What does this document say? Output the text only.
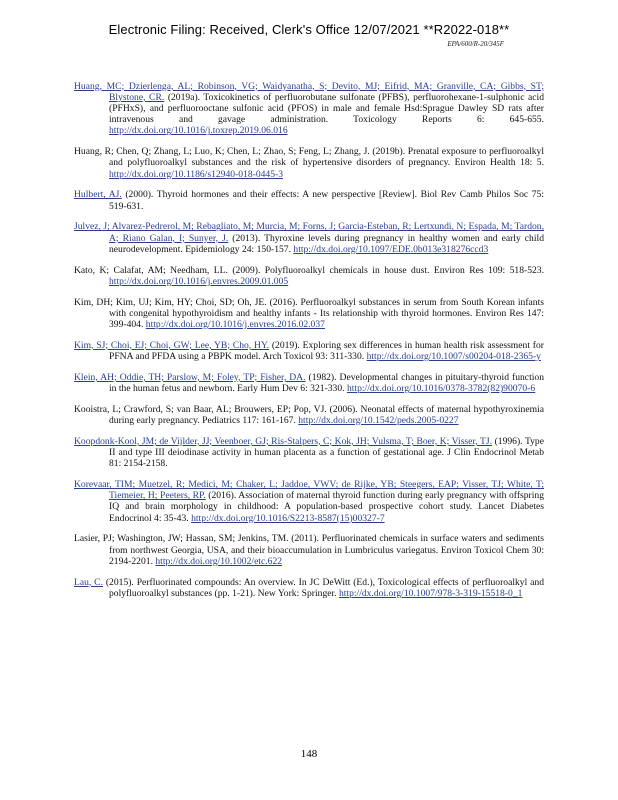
Electronic Filing: Received, Clerk's Office 12/07/2021 **R2022-018**
EPA/600/R-20/345F

Huang, MC; Dzierlenga, AL; Robinson, VG; Waidyanatha, S; Devito, MJ; Eifrid, MA; Granville, CA; Gibbs, ST; Blystone, CR. (2019a). Toxicokinetics of perfluorobutane sulfonate (PFBS), perfluorohexane-1-sulphonic acid (PFHxS), and perfluorooctane sulfonic acid (PFOS) in male and female Hsd:Sprague Dawley SD rats after intravenous and gavage administration. Toxicology Reports 6: 645-655. http://dx.doi.org/10.1016/j.toxrep.2019.06.016

Huang, R; Chen, Q; Zhang, L; Luo, K; Chen, L; Zhao, S; Feng, L; Zhang, J. (2019b). Prenatal exposure to perfluoroalkyl and polyfluoroalkyl substances and the risk of hypertensive disorders of pregnancy. Environ Health 18: 5. http://dx.doi.org/10.1186/s12940-018-0445-3

Hulbert, AJ. (2000). Thyroid hormones and their effects: A new perspective [Review]. Biol Rev Camb Philos Soc 75: 519-631.

Julvez, J; Alvarez-Pedrerol, M; Rebagliato, M; Murcia, M; Forns, J; Garcia-Esteban, R; Lertxundi, N; Espada, M; Tardon, A; Riano Galan, I; Sunyer, J. (2013). Thyroxine levels during pregnancy in healthy women and early child neurodevelopment. Epidemiology 24: 150-157. http://dx.doi.org/10.1097/EDE.0b013e318276ccd3

Kato, K; Calafat, AM; Needham, LL. (2009). Polyfluoroalkyl chemicals in house dust. Environ Res 109: 518-523. http://dx.doi.org/10.1016/j.envres.2009.01.005

Kim, DH; Kim, UJ; Kim, HY; Choi, SD; Oh, JE. (2016). Perfluoroalkyl substances in serum from South Korean infants with congenital hypothyroidism and healthy infants - Its relationship with thyroid hormones. Environ Res 147: 399-404. http://dx.doi.org/10.1016/j.envres.2016.02.037

Kim, SJ; Choi, EJ; Choi, GW; Lee, YB; Cho, HY. (2019). Exploring sex differences in human health risk assessment for PFNA and PFDA using a PBPK model. Arch Toxicol 93: 311-330. http://dx.doi.org/10.1007/s00204-018-2365-y

Klein, AH; Oddie, TH; Parslow, M; Foley, TP; Fisher, DA. (1982). Developmental changes in pituitary-thyroid function in the human fetus and newborn. Early Hum Dev 6: 321-330. http://dx.doi.org/10.1016/0378-3782(82)90070-6

Kooistra, L; Crawford, S; van Baar, AL; Brouwers, EP; Pop, VJ. (2006). Neonatal effects of maternal hypothyroxinemia during early pregnancy. Pediatrics 117: 161-167. http://dx.doi.org/10.1542/peds.2005-0227

Koopdonk-Kool, JM; de Vijlder, JJ; Veenboer, GJ; Ris-Stalpers, C; Kok, JH; Vulsma, T; Boer, K; Visser, TJ. (1996). Type II and type III deiodinase activity in human placenta as a function of gestational age. J Clin Endocrinol Metab 81: 2154-2158.

Korevaar, TIM; Muetzel, R; Medici, M; Chaker, L; Jaddoe, VWV; de Rijke, YB; Steegers, EAP; Visser, TJ; White, T; Tiemeier, H; Peeters, RP. (2016). Association of maternal thyroid function during early pregnancy with offspring IQ and brain morphology in childhood: A population-based prospective cohort study. Lancet Diabetes Endocrinol 4: 35-43. http://dx.doi.org/10.1016/S2213-8587(15)00327-7

Lasier, PJ; Washington, JW; Hassan, SM; Jenkins, TM. (2011). Perfluorinated chemicals in surface waters and sediments from northwest Georgia, USA, and their bioaccumulation in Lumbriculus variegatus. Environ Toxicol Chem 30: 2194-2201. http://dx.doi.org/10.1002/etc.622

Lau, C. (2015). Perfluorinated compounds: An overview. In JC DeWitt (Ed.), Toxicological effects of perfluoroalkyl and polyfluoroalkyl substances (pp. 1-21). New York: Springer. http://dx.doi.org/10.1007/978-3-319-15518-0_1

148
